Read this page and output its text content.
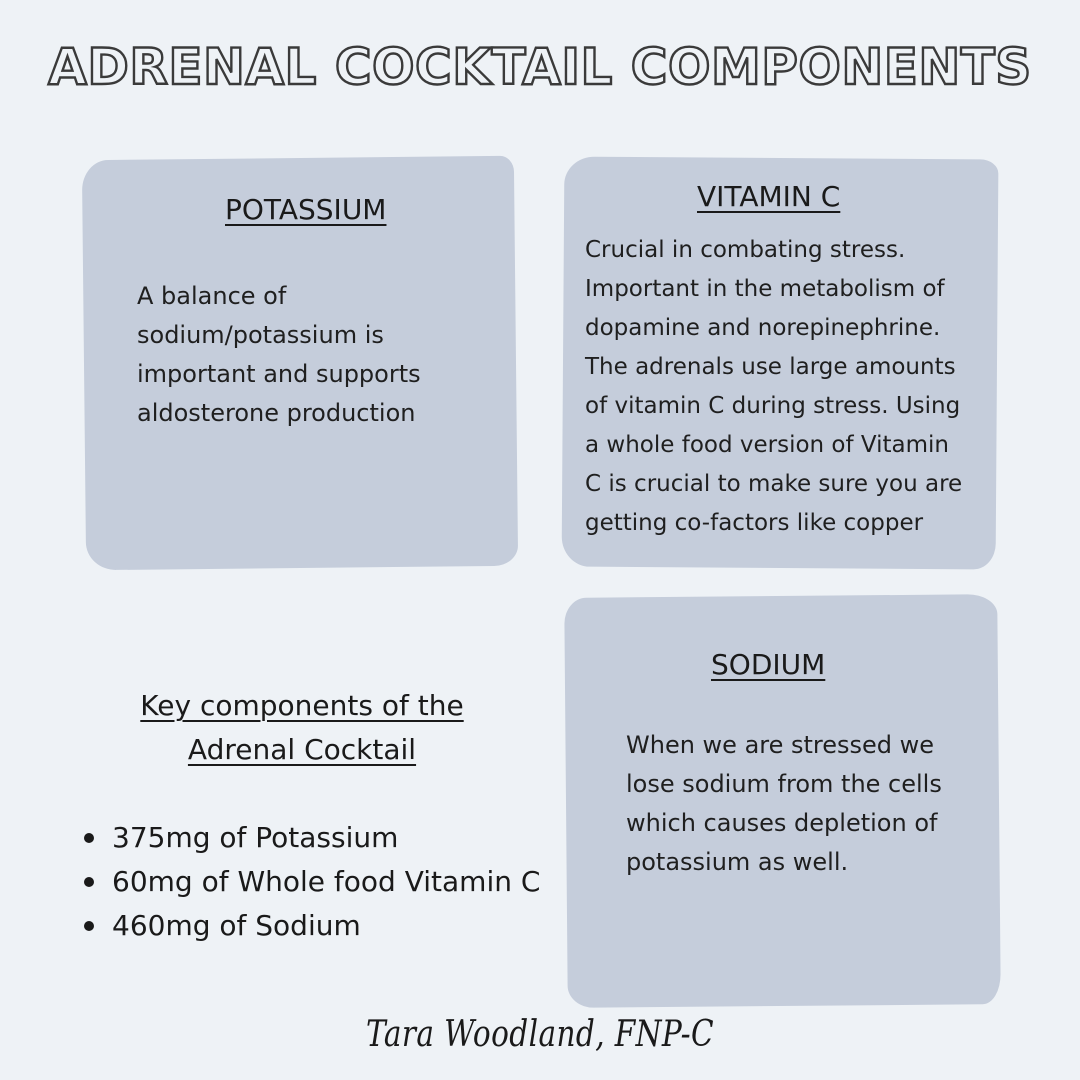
ADRENAL COCKTAIL COMPONENTS
POTASSIUM
A balance of
sodium/potassium is
important and supports
aldosterone production
VITAMIN C
Crucial in combating stress.
Important in the metabolism of
dopamine and norepinephrine.
The adrenals use large amounts
of vitamin C during stress. Using
a whole food version of Vitamin
C is crucial to make sure you are
getting co-factors like copper
SODIUM
When we are stressed we
lose sodium from the cells
which causes depletion of
potassium as well.
Key components of the
Adrenal Cocktail
375mg of Potassium
60mg of Whole food Vitamin C
460mg of Sodium
Tara Woodland, FNP-C
